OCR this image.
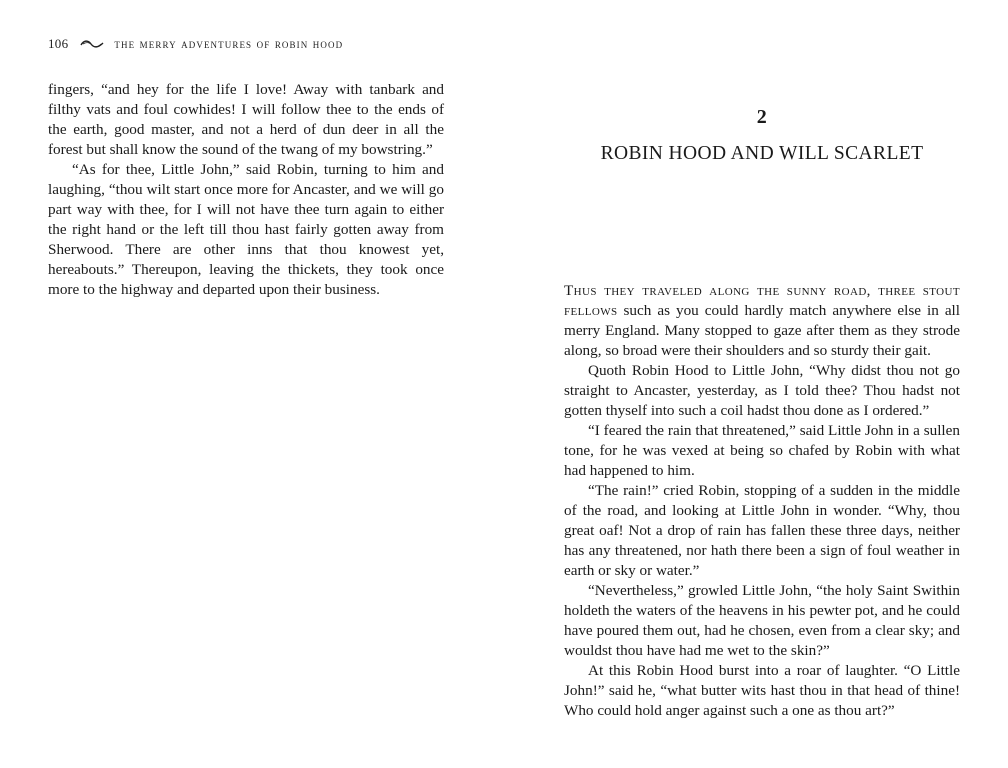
106	the merry adventures of robin hood

fingers, “and hey for the life I love! Away with tanbark and filthy vats and foul cowhides! I will follow thee to the ends of the earth, good master, and not a herd of dun deer in all the forest but shall know the sound of the twang of my bowstring.”

“As for thee, Little John,” said Robin, turning to him and laughing, “thou wilt start once more for Ancaster, and we will go part way with thee, for I will not have thee turn again to either the right hand or the left till thou hast fairly gotten away from Sherwood. There are other inns that thou knowest yet, hereabouts.” Thereupon, leaving the thickets, they took once more to the highway and departed upon their business.

2
ROBIN HOOD AND WILL SCARLET

Thus they traveled along the sunny road, three stout fellows such as you could hardly match anywhere else in all merry England. Many stopped to gaze after them as they strode along, so broad were their shoulders and so sturdy their gait.

Quoth Robin Hood to Little John, “Why didst thou not go straight to Ancaster, yesterday, as I told thee? Thou hadst not gotten thyself into such a coil hadst thou done as I ordered.”

“I feared the rain that threatened,” said Little John in a sullen tone, for he was vexed at being so chafed by Robin with what had happened to him.

“The rain!” cried Robin, stopping of a sudden in the middle of the road, and looking at Little John in wonder. “Why, thou great oaf! Not a drop of rain has fallen these three days, neither has any threatened, nor hath there been a sign of foul weather in earth or sky or water.”

“Nevertheless,” growled Little John, “the holy Saint Swithin holdeth the waters of the heavens in his pewter pot, and he could have poured them out, had he chosen, even from a clear sky; and wouldst thou have had me wet to the skin?”

At this Robin Hood burst into a roar of laughter. “O Little John!” said he, “what butter wits hast thou in that head of thine! Who could hold anger against such a one as thou art?”
